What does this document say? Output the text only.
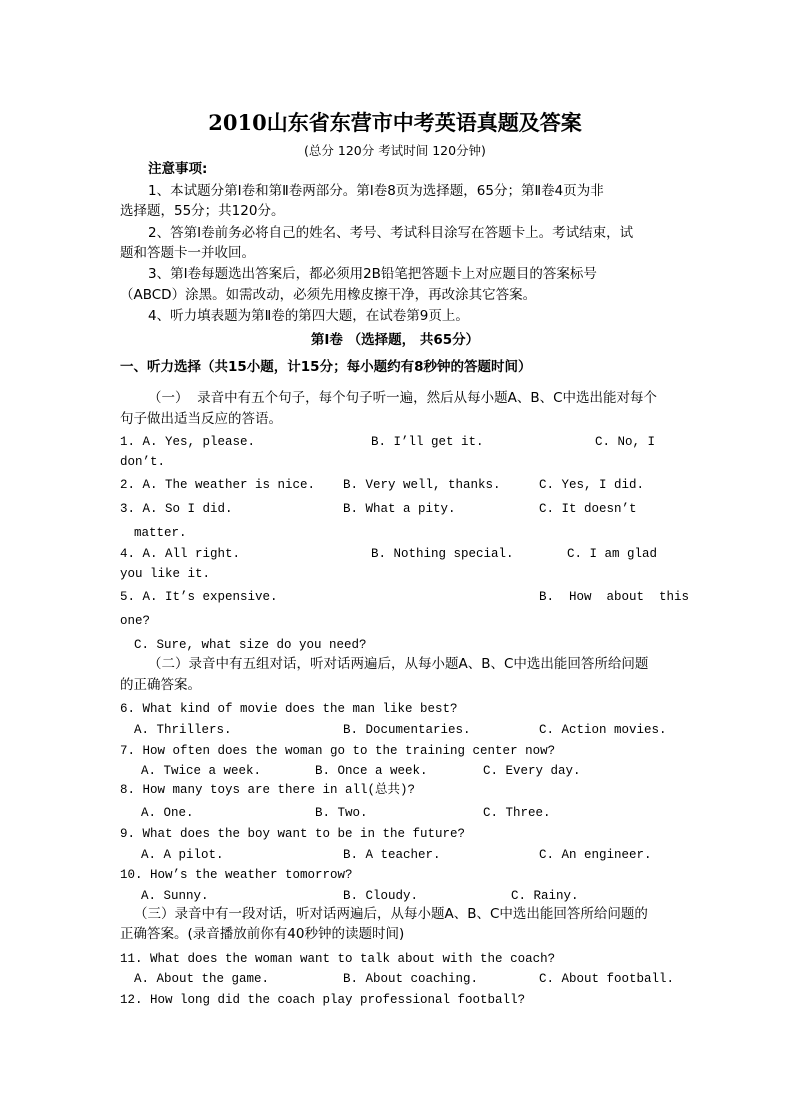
2010山东省东营市中考英语真题及答案
(总分 120分 考试时间 120分钟)
注意事项:
1、本试题分第Ⅰ卷和第Ⅱ卷两部分。第Ⅰ卷8页为选择题，65分；第Ⅱ卷4页为非
选择题，55分；共120分。
2、答第Ⅰ卷前务必将自己的姓名、考号、考试科目涂写在答题卡上。考试结束，试
题和答题卡一并收回。
3、第Ⅰ卷每题选出答案后，都必须用2B铅笔把答题卡上对应题目的答案标号
（ABCD）涂黑。如需改动，必须先用橡皮擦干净，再改涂其它答案。
4、听力填表题为第Ⅱ卷的第四大题，在试卷第9页上。
第Ⅰ卷 （选择题， 共65分）
一、听力选择（共15小题，计15分；每小题约有8秒钟的答题时间）
（一）  录音中有五个句子，每个句子听一遍，然后从每小题A、B、C中选出能对每个
句子做出适当反应的答语。
1. A. Yes, please.	B. I’ll get it.	C. No, I
don’t.
2. A. The weather is nice. B. Very well, thanks.	C. Yes, I did.
3. A. So I did.	B. What a pity.	C. It doesn’t
matter.
4. A. All right.	B. Nothing special.	C. I am glad
you like it.
5. A. It’s expensive.	B.  How  about  this
one?
C. Sure, what size do you need?
（二）录音中有五组对话，听对话两遍后，从每小题A、B、C中选出能回答所给问题
的正确答案。
6. What kind of movie does the man like best?
A. Thrillers.	B. Documentaries.	C. Action movies.
7. How often does the woman go to the training center now?
A. Twice a week.	B. Once a week.	C. Every day.
8. How many toys are there in all(总共)?
A. One.	B. Two.	C. Three.
9. What does the boy want to be in the future?
A. A pilot.	B. A teacher.	C. An engineer.
10. How’s the weather tomorrow?
A. Sunny.	B. Cloudy.	C. Rainy.
（三）录音中有一段对话，听对话两遍后，从每小题A、B、C中选出能回答所给问题的
正确答案。(录音播放前你有40秒钟的读题时间)
11. What does the woman want to talk about with the coach?
A. About the game.	B. About coaching.	C. About football.
12. How long did the coach play professional football?
